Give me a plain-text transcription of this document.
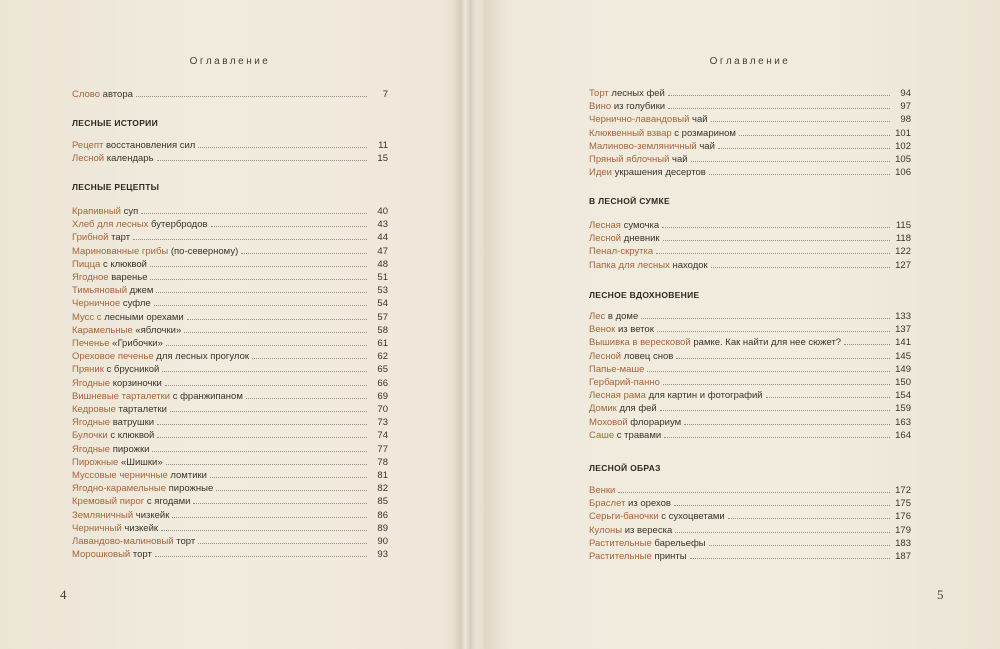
Оглавление
Слово автора	7
ЛЕСНЫЕ ИСТОРИИ
Рецепт восстановления сил	11
Лесной календарь	15
ЛЕСНЫЕ РЕЦЕПТЫ
Крапивный суп	40
Хлеб для лесных бутербродов	43
Грибной тарт	44
Маринованные грибы (по-северному)	47
Пицца с клюквой	48
Ягодное варенье	51
Тимьяновый джем	53
Черничное суфле	54
Мусс с лесными орехами	57
Карамельные «яблочки»	58
Печенье «Грибочки»	61
Ореховое печенье для лесных прогулок	62
Пряник с брусникой	65
Ягодные корзиночки	66
Вишневые тарталетки с франжипаном	69
Кедровые тарталетки	70
Ягодные ватрушки	73
Булочки с клюквой	74
Ягодные пирожки	77
Пирожные «Шишки»	78
Муссовые черничные ломтики	81
Ягодно-карамельные пирожные	82
Кремовый пирог с ягодами	85
Земляничный чизкейк	86
Черничный чизкейк	89
Лавандово-малиновый торт	90
Морошковый торт	93
4
Оглавление
Торт лесных фей	94
Вино из голубики	97
Чернично-лавандовый чай	98
Клюквенный взвар с розмарином	101
Малиново-земляничный чай	102
Пряный яблочный чай	105
Идеи украшения десертов	106
В ЛЕСНОЙ СУМКЕ
Лесная сумочка	115
Лесной дневник	118
Пенал-скрутка	122
Папка для лесных находок	127
ЛЕСНОЕ ВДОХНОВЕНИЕ
Лес в доме	133
Венок из веток	137
Вышивка в вересковой рамке. Как найти для нее сюжет?	141
Лесной ловец снов	145
Папье-маше	149
Гербарий-панно	150
Лесная рама для картин и фотографий	154
Домик для фей	159
Моховой флорариум	163
Саше с травами	164
ЛЕСНОЙ ОБРАЗ
Венки	172
Браслет из орехов	175
Серьги-баночки с сухоцветами	176
Кулоны из вереска	179
Растительные барельефы	183
Растительные принты	187
5
